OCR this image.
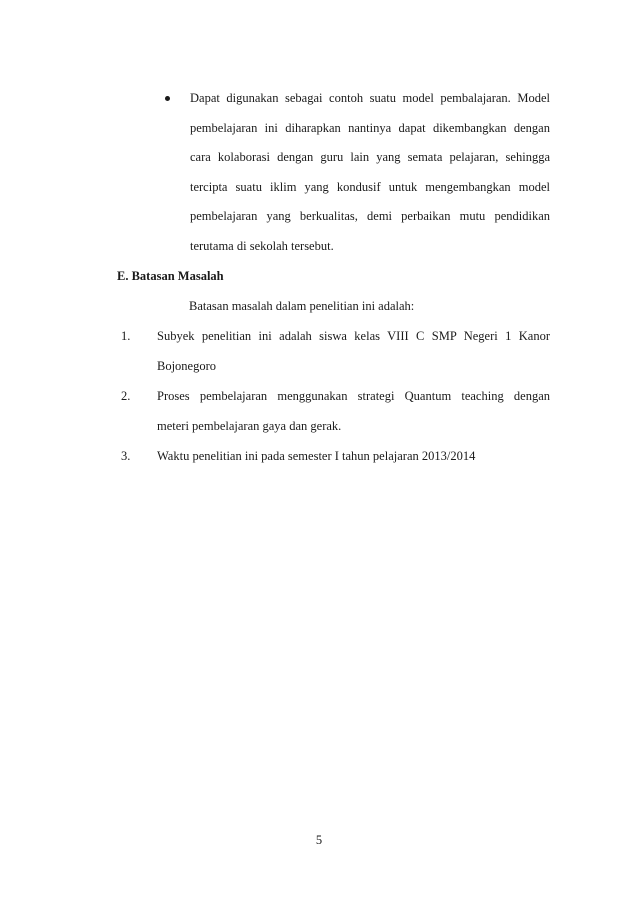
Dapat digunakan sebagai contoh suatu model pembalajaran. Model
pembelajaran ini diharapkan nantinya dapat dikembangkan dengan
cara kolaborasi dengan guru lain yang semata pelajaran, sehingga
tercipta suatu iklim yang kondusif untuk mengembangkan model
pembelajaran yang berkualitas, demi perbaikan mutu pendidikan
terutama di sekolah tersebut.
E. Batasan Masalah
Batasan masalah dalam penelitian ini adalah:
1. Subyek penelitian ini adalah siswa kelas VIII C SMP Negeri 1 Kanor
Bojonegoro
2. Proses pembelajaran menggunakan strategi Quantum teaching dengan
meteri pembelajaran gaya dan gerak.
3. Waktu penelitian ini pada semester I tahun pelajaran 2013/2014
5
